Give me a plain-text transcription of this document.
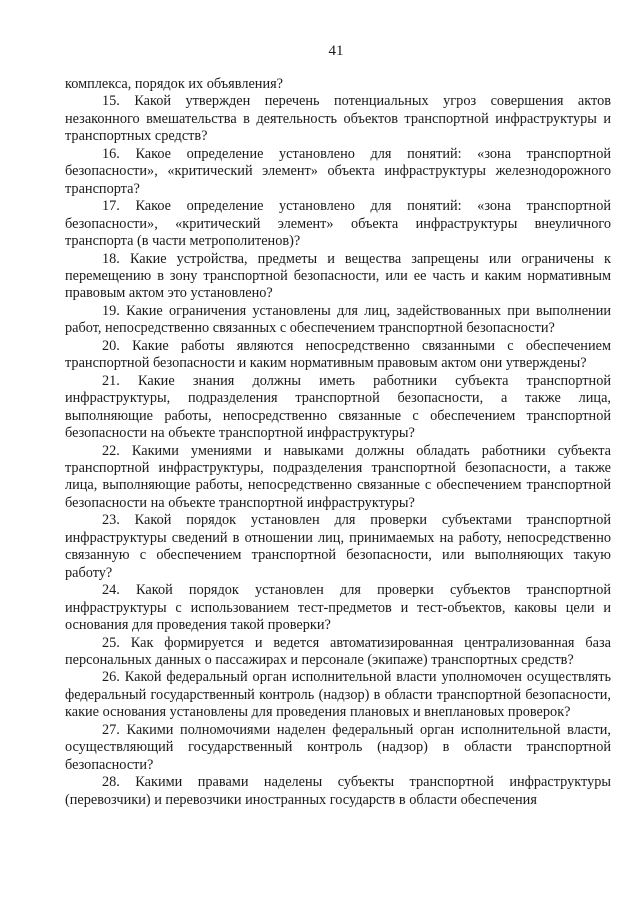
41

комплекса, порядок их объявления?

15. Какой утвержден перечень потенциальных угроз совершения актов незаконного вмешательства в деятельность объектов транспортной инфраструктуры и транспортных средств?

16. Какое определение установлено для понятий: «зона транспортной безопасности», «критический элемент» объекта инфраструктуры железнодорожного транспорта?

17. Какое определение установлено для понятий: «зона транспортной безопасности», «критический элемент» объекта инфраструктуры внеуличного транспорта (в части метрополитенов)?

18. Какие устройства, предметы и вещества запрещены или ограничены к перемещению в зону транспортной безопасности, или ее часть и каким нормативным правовым актом это установлено?

19. Какие ограничения установлены для лиц, задействованных при выполнении работ, непосредственно связанных с обеспечением транспортной безопасности?

20. Какие работы являются непосредственно связанными с обеспечением транспортной безопасности и каким нормативным правовым актом они утверждены?

21. Какие знания должны иметь работники субъекта транспортной инфраструктуры, подразделения транспортной безопасности, а также лица, выполняющие работы, непосредственно связанные с обеспечением транспортной безопасности на объекте транспортной инфраструктуры?

22. Какими умениями и навыками должны обладать работники субъекта транспортной инфраструктуры, подразделения транспортной безопасности, а также лица, выполняющие работы, непосредственно связанные с обеспечением транспортной безопасности на объекте транспортной инфраструктуры?

23. Какой порядок установлен для проверки субъектами транспортной инфраструктуры сведений в отношении лиц, принимаемых на работу, непосредственно связанную с обеспечением транспортной безопасности, или выполняющих такую работу?

24. Какой порядок установлен для проверки субъектов транспортной инфраструктуры с использованием тест-предметов и тест-объектов, каковы цели и основания для проведения такой проверки?

25. Как формируется и ведется автоматизированная централизованная база персональных данных о пассажирах и персонале (экипаже) транспортных средств?

26. Какой федеральный орган исполнительной власти уполномочен осуществлять федеральный государственный контроль (надзор) в области транспортной безопасности, какие основания установлены для проведения плановых и внеплановых проверок?

27. Какими полномочиями наделен федеральный орган исполнительной власти, осуществляющий государственный контроль (надзор) в области транспортной безопасности?

28. Какими правами наделены субъекты транспортной инфраструктуры (перевозчики) и перевозчики иностранных государств в области обеспечения
